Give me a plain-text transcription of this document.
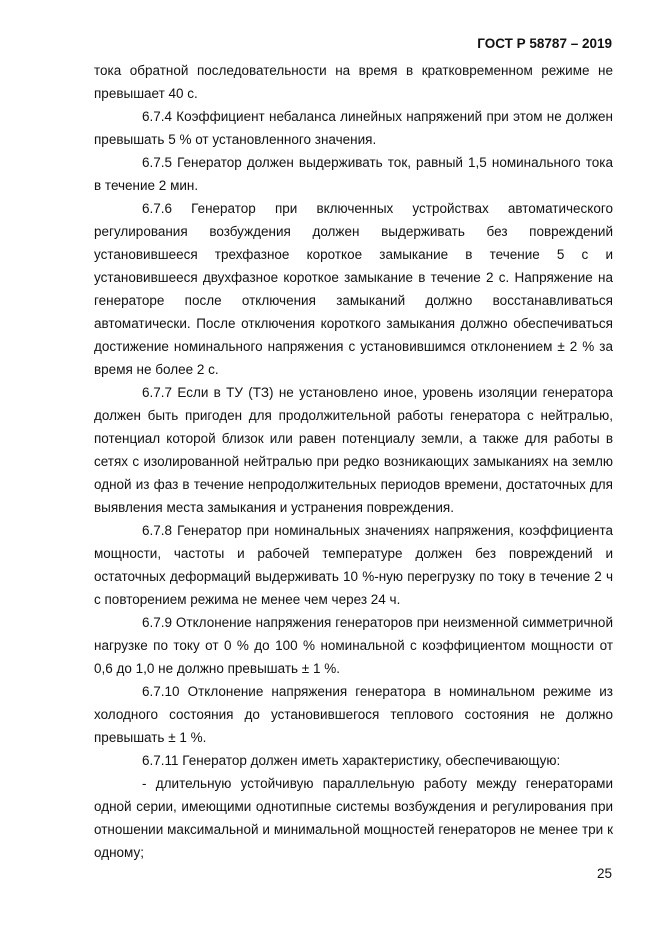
ГОСТ Р 58787 – 2019

тока обратной последовательности на время в кратковременном режиме не превышает 40 с.

6.7.4 Коэффициент небаланса линейных напряжений при этом не должен превышать 5 % от установленного значения.

6.7.5 Генератор должен выдерживать ток, равный 1,5 номинального тока в течение 2 мин.

6.7.6 Генератор при включенных устройствах автоматического регулирования возбуждения должен выдерживать без повреждений установившееся трехфазное короткое замыкание в течение 5 с и установившееся двухфазное короткое замыкание в течение 2 с. Напряжение на генераторе после отключения замыканий должно восстанавливаться автоматически. После отключения короткого замыкания должно обеспечиваться достижение номинального напряжения с установившимся отклонением ± 2 % за время не более 2 с.

6.7.7 Если в ТУ (ТЗ) не установлено иное, уровень изоляции генератора должен быть пригоден для продолжительной работы генератора с нейтралью, потенциал которой близок или равен потенциалу земли, а также для работы в сетях с изолированной нейтралью при редко возникающих замыканиях на землю одной из фаз в течение непродолжительных периодов времени, достаточных для выявления места замыкания и устранения повреждения.

6.7.8 Генератор при номинальных значениях напряжения, коэффициента мощности, частоты и рабочей температуре должен без повреждений и остаточных деформаций выдерживать 10 %-ную перегрузку по току в течение 2 ч с повторением режима не менее чем через 24 ч.

6.7.9 Отклонение напряжения генераторов при неизменной симметричной нагрузке по току от 0 % до 100 % номинальной с коэффициентом мощности от 0,6 до 1,0 не должно превышать ± 1 %.

6.7.10 Отклонение напряжения генератора в номинальном режиме из холодного состояния до установившегося теплового состояния не должно превышать ± 1 %.

6.7.11 Генератор должен иметь характеристику, обеспечивающую:

- длительную устойчивую параллельную работу между генераторами одной серии, имеющими однотипные системы возбуждения и регулирования при отношении максимальной и минимальной мощностей генераторов не менее три к одному;

25
